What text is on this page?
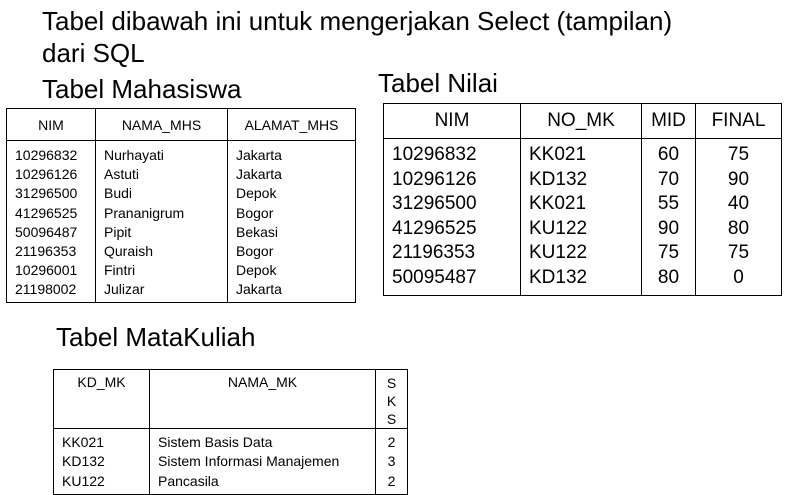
Tabel dibawah ini untuk mengerjakan Select (tampilan)

dari SQL

Tabel Mahasiswa

NIM	NAMA_MHS	ALAMAT_MHS
10296832	Nurhayati	Jakarta
10296126	Astuti	Jakarta
31296500	Budi	Depok
41296525	Prananigrum	Bogor
50096487	Pipit	Bekasi
21196353	Quraish	Bogor
10296001	Fintri	Depok
21198002	Julizar	Jakarta

Tabel Nilai

NIM	NO_MK	MID	FINAL
10296832	KK021	60	75
10296126	KD132	70	90
31296500	KK021	55	40
41296525	KU122	90	80
21196353	KU122	75	75
50095487	KD132	80	0

Tabel MataKuliah

KD_MK	NAMA_MK	SKS
KK021	Sistem Basis Data	2
KD132	Sistem Informasi Manajemen	3
KU122	Pancasila	2
